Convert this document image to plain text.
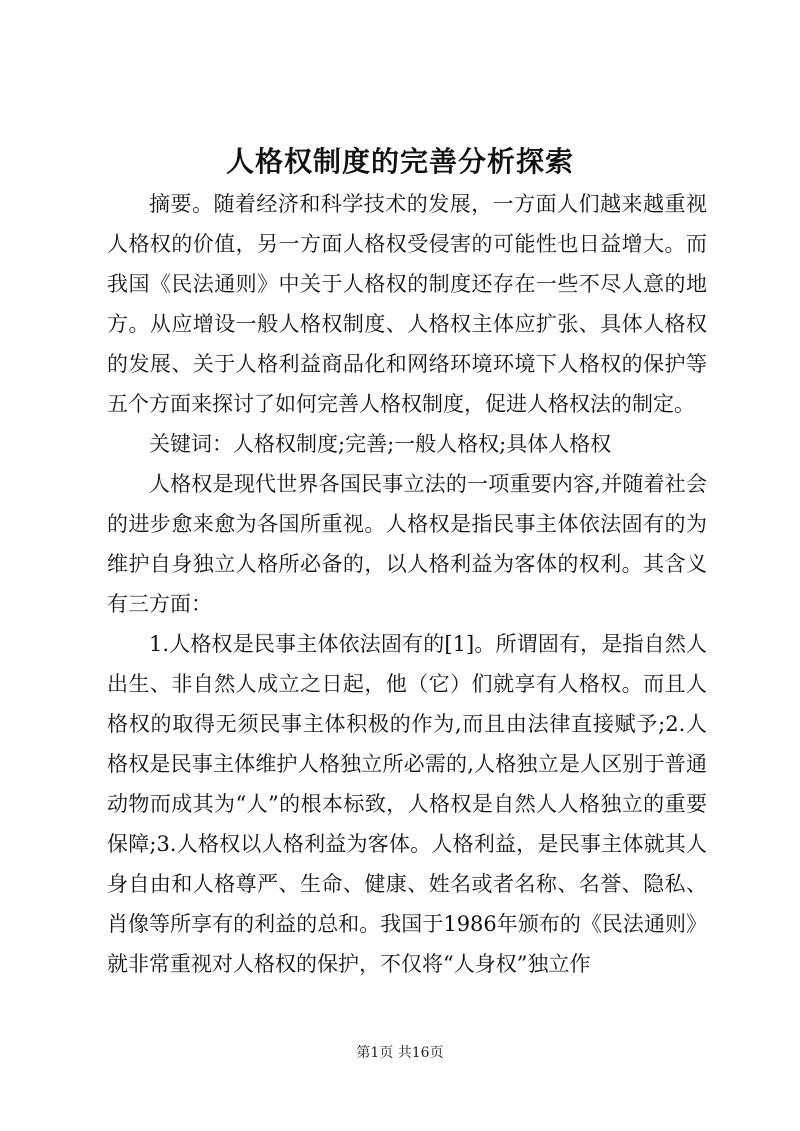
人格权制度的完善分析探索

摘要。随着经济和科学技术的发展，一方面人们越来越重视人格权的价值，另一方面人格权受侵害的可能性也日益增大。而我国《民法通则》中关于人格权的制度还存在一些不尽人意的地方。从应增设一般人格权制度、人格权主体应扩张、具体人格权的发展、关于人格利益商品化和网络环境环境下人格权的保护等五个方面来探讨了如何完善人格权制度，促进人格权法的制定。

关键词：人格权制度;完善;一般人格权;具体人格权

人格权是现代世界各国民事立法的一项重要内容,并随着社会的进步愈来愈为各国所重视。人格权是指民事主体依法固有的为维护自身独立人格所必备的，以人格利益为客体的权利。其含义有三方面：

1.人格权是民事主体依法固有的[1]。所谓固有，是指自然人出生、非自然人成立之日起，他（它）们就享有人格权。而且人格权的取得无须民事主体积极的作为,而且由法律直接赋予;2.人格权是民事主体维护人格独立所必需的,人格独立是人区别于普通动物而成其为“人”的根本标致，人格权是自然人人格独立的重要保障;3.人格权以人格利益为客体。人格利益，是民事主体就其人身自由和人格尊严、生命、健康、姓名或者名称、名誉、隐私、肖像等所享有的利益的总和。我国于1986年颁布的《民法通则》就非常重视对人格权的保护，不仅将“人身权”独立作

第1页 共16页
